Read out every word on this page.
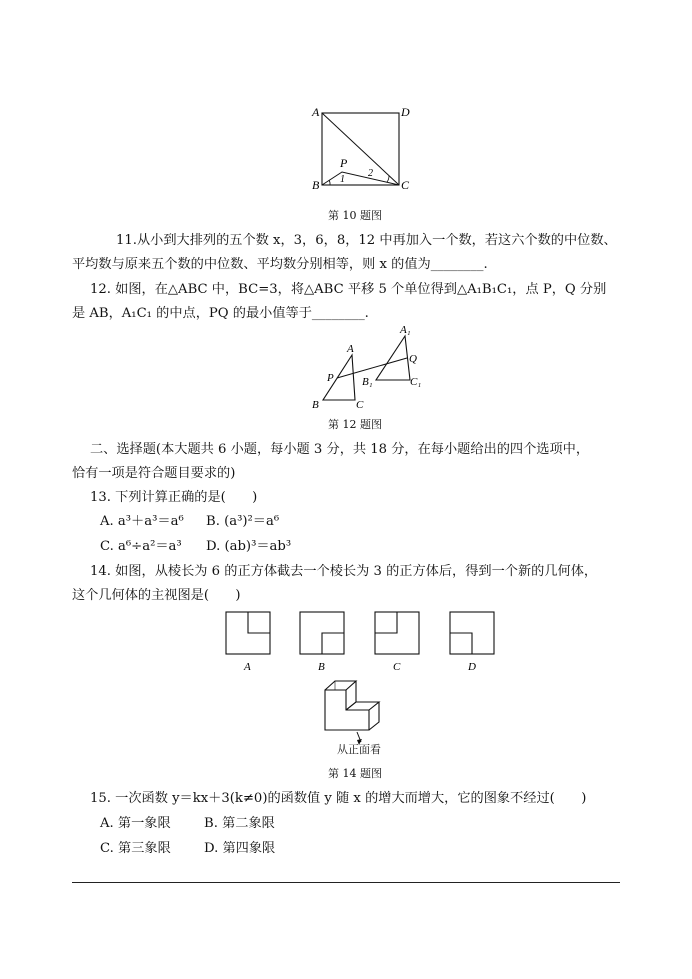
A	D
B	C
P
1
2
第 10 题图
11.从小到大排列的五个数 x，3，6，8，12 中再加入一个数，若这六个数的中位数、
平均数与原来五个数的中位数、平均数分别相等，则 x 的值为________.
12. 如图，在△ABC 中，BC=3，将△ABC 平移 5 个单位得到△A₁B₁C₁，点 P，Q 分别
是 AB，A₁C₁ 的中点，PQ 的最小值等于________.
A
P
B	C
A₁
Q
B₁	C₁
第 12 题图
二、选择题(本大题共 6 小题，每小题 3 分，共 18 分，在每小题给出的四个选项中，
恰有一项是符合题目要求的)
13. 下列计算正确的是(　　)
A. a³＋a³＝a⁶ B. (a³)²＝a⁶
C. a⁶÷a²＝a³ D. (ab)³＝ab³
14. 如图，从棱长为 6 的正方体截去一个棱长为 3 的正方体后，得到一个新的几何体，
这个几何体的主视图是(　　)
A	B	C	D
从正面看
第 14 题图
15. 一次函数 y＝kx＋3(k≠0)的函数值 y 随 x 的增大而增大，它的图象不经过(　　)
A. 第一象限	B. 第二象限
C. 第三象限	D. 第四象限
